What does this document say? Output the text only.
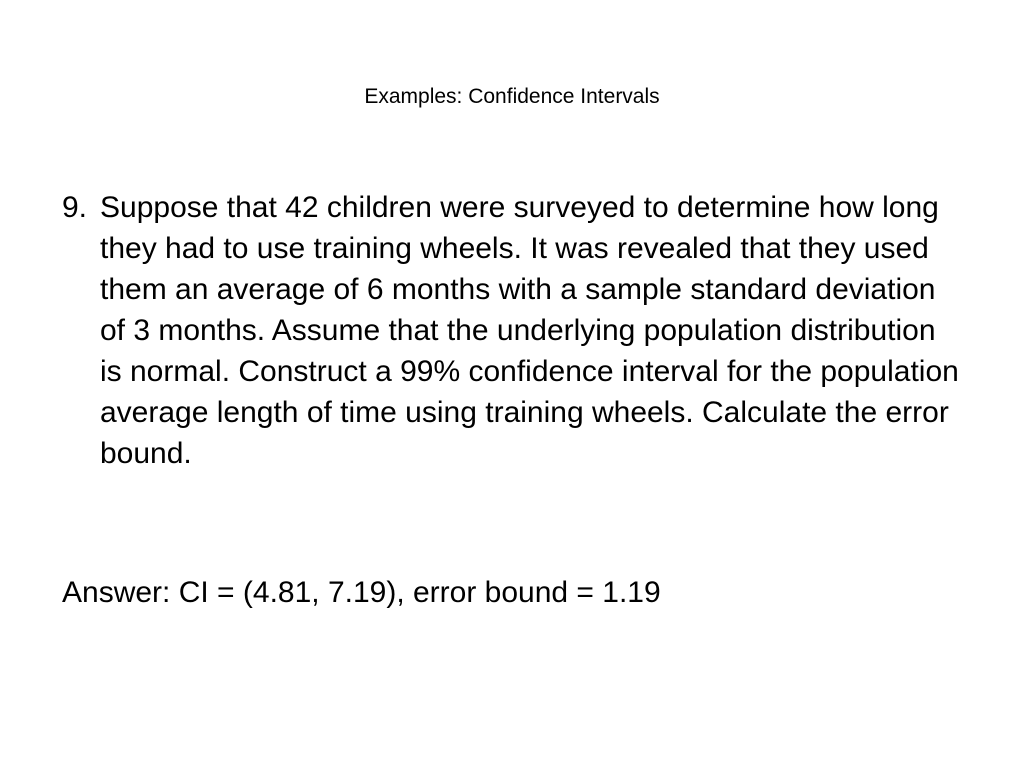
Examples: Confidence Intervals
9. Suppose that 42 children were surveyed to determine how long they had to use training wheels. It was revealed that they used them an average of 6 months with a sample standard deviation of 3 months. Assume that the underlying population distribution is normal. Construct a 99% confidence interval for the population average length of time using training wheels. Calculate the error bound.

Answer: CI = (4.81, 7.19), error bound = 1.19
